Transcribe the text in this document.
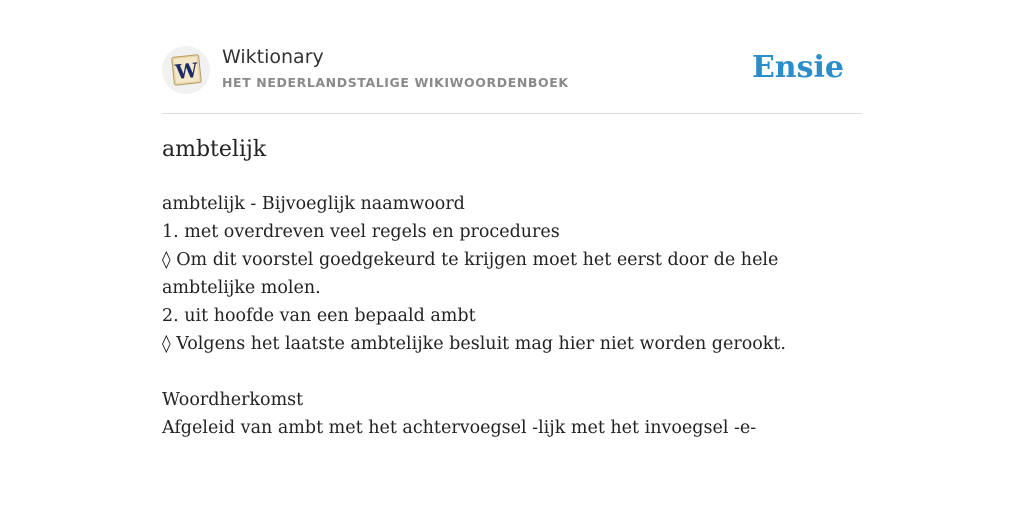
W
Wiktionary
HET NEDERLANDSTALIGE WIKIWOORDENBOEK	Ensie
ambtelijk
ambtelijk - Bijvoeglijk naamwoord
1. met overdreven veel regels en procedures
◊ Om dit voorstel goedgekeurd te krijgen moet het eerst door de hele ambtelijke molen.
2. uit hoofde van een bepaald ambt
◊ Volgens het laatste ambtelijke besluit mag hier niet worden gerookt.
Woordherkomst
Afgeleid van ambt met het achtervoegsel -lijk met het invoegsel -e-
